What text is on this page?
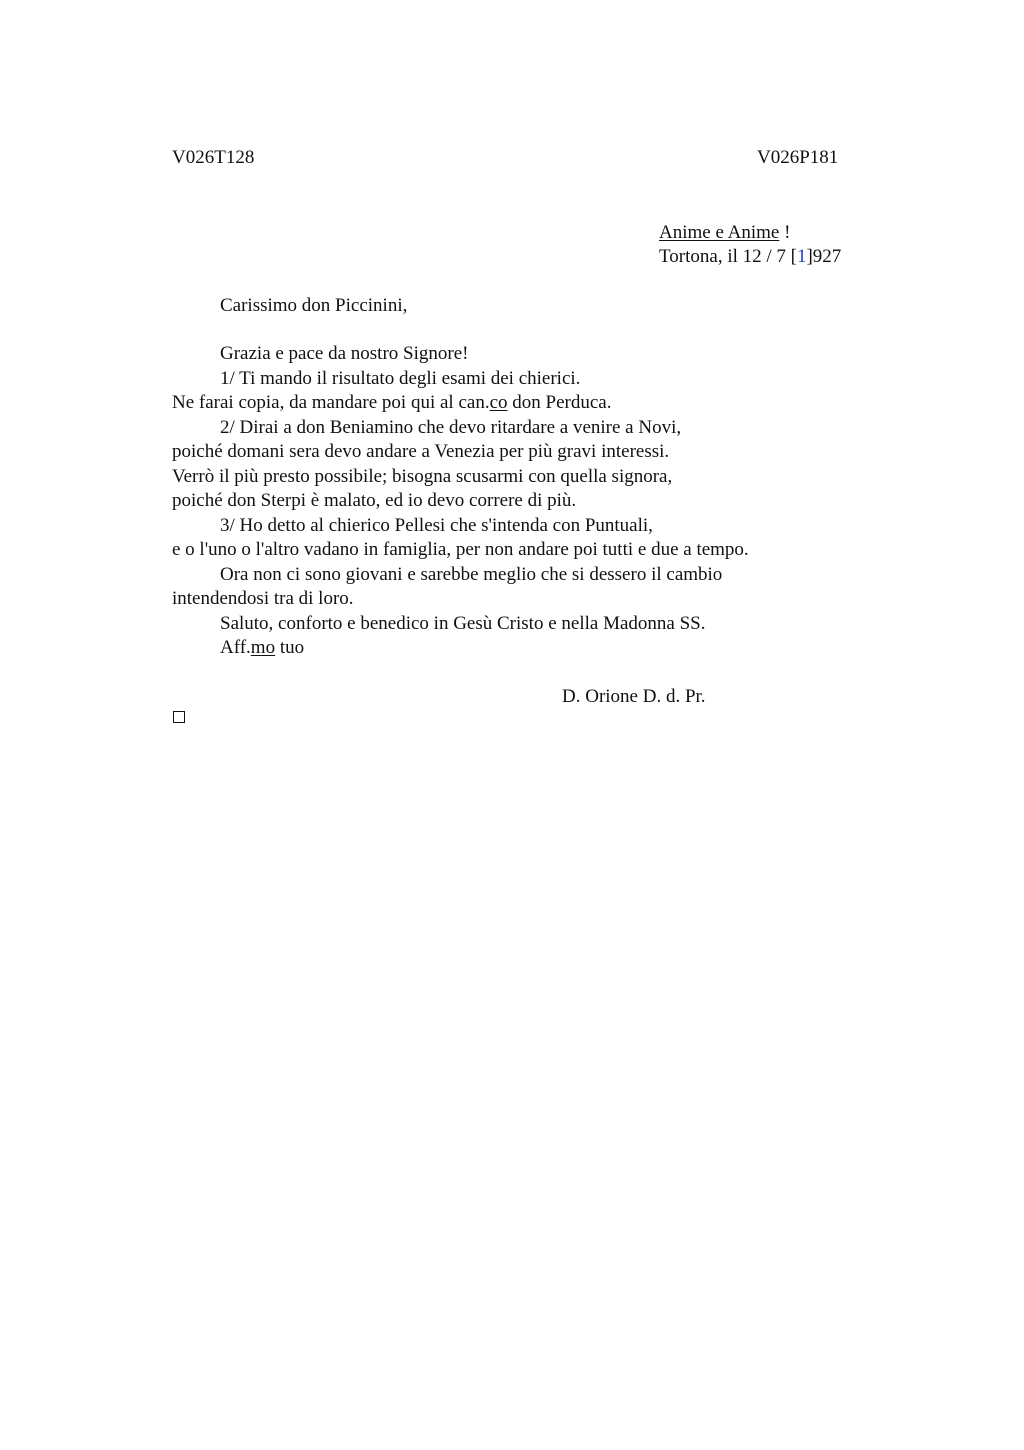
V026T128	V026P181
Anime e Anime !
Tortona, il 12 / 7 [1]927
Carissimo don Piccinini,
Grazia e pace da nostro Signore!
1/ Ti mando il risultato degli esami dei chierici.
Ne farai copia, da mandare poi qui al can.co don Perduca.
2/ Dirai a don Beniamino che devo ritardare a venire a Novi,
poiché domani sera devo andare a Venezia per più gravi interessi.
Verrò il più presto possibile; bisogna scusarmi con quella signora,
poiché don Sterpi è malato, ed io devo correre di più.
3/ Ho detto al chierico Pellesi che s'intenda con Puntuali,
e o l'uno o l'altro vadano in famiglia, per non andare poi tutti e due a tempo.
Ora non ci sono giovani e sarebbe meglio che si dessero il cambio
intendendosi tra di loro.
Saluto, conforto e benedico in Gesù Cristo e nella Madonna SS.
Aff.mo tuo
D. Orione D. d. Pr.
